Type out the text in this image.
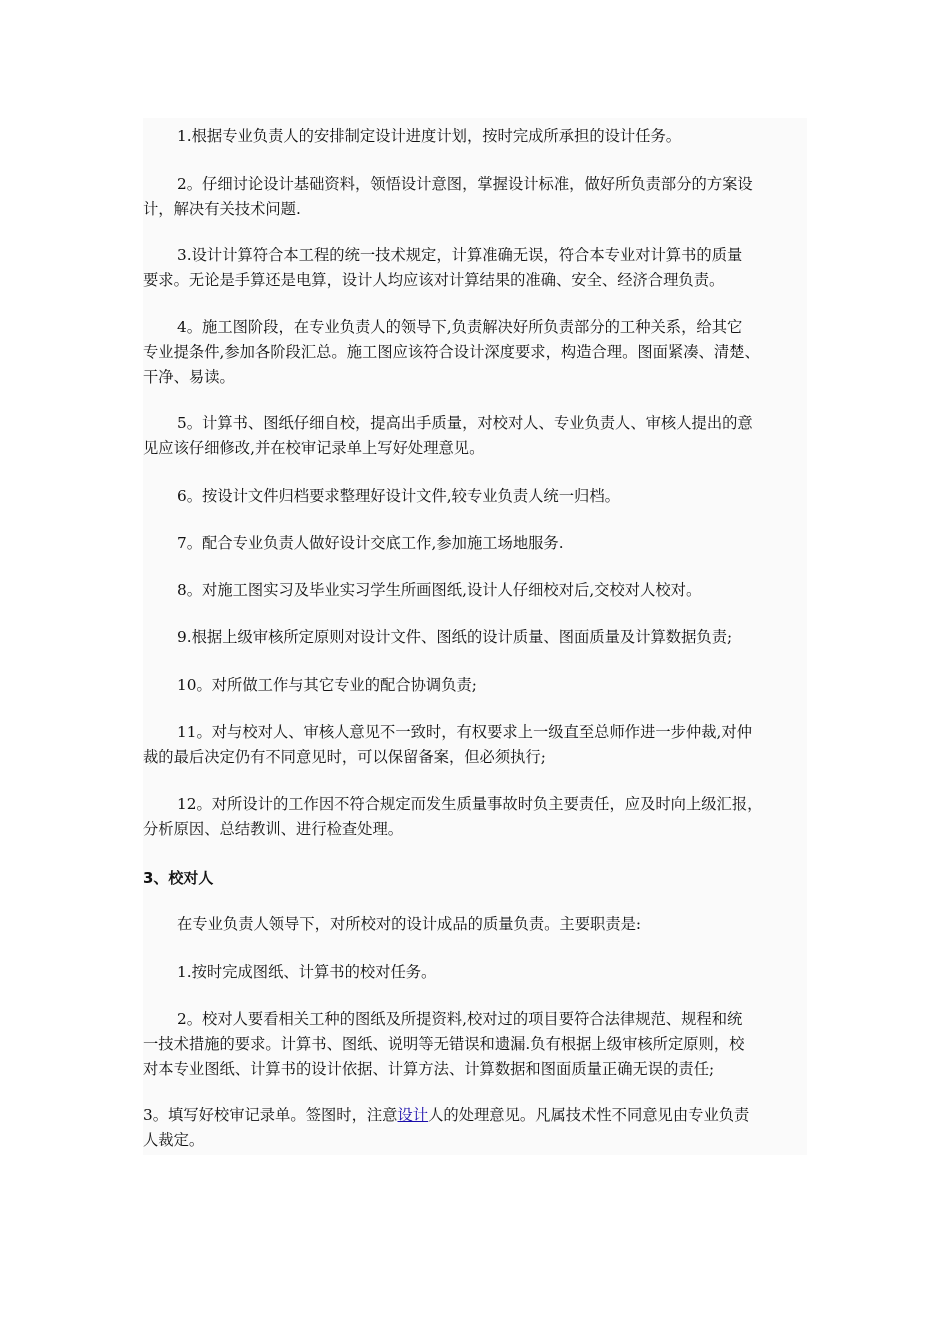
1.根据专业负责人的安排制定设计进度计划，按时完成所承担的设计任务。

2。仔细讨论设计基础资料，领悟设计意图，掌握设计标准，做好所负责部分的方案设
计，解决有关技术问题.

3.设计计算符合本工程的统一技术规定，计算准确无误，符合本专业对计算书的质量
要求。无论是手算还是电算，设计人均应该对计算结果的准确、安全、经济合理负责。

4。施工图阶段，在专业负责人的领导下,负责解决好所负责部分的工种关系，给其它
专业提条件,参加各阶段汇总。施工图应该符合设计深度要求，构造合理。图面紧凑、清楚、
干净、易读。

5。计算书、图纸仔细自校，提高出手质量，对校对人、专业负责人、审核人提出的意
见应该仔细修改,并在校审记录单上写好处理意见。

6。按设计文件归档要求整理好设计文件,较专业负责人统一归档。

7。配合专业负责人做好设计交底工作,参加施工场地服务.

8。对施工图实习及毕业实习学生所画图纸,设计人仔细校对后,交校对人校对。

9.根据上级审核所定原则对设计文件、图纸的设计质量、图面质量及计算数据负责;

10。对所做工作与其它专业的配合协调负责;

11。对与校对人、审核人意见不一致时，有权要求上一级直至总师作进一步仲裁,对仲
裁的最后决定仍有不同意见时，可以保留备案，但必须执行;

12。对所设计的工作因不符合规定而发生质量事故时负主要责任，应及时向上级汇报，
分析原因、总结教训、进行检查处理。

3、校对人

在专业负责人领导下，对所校对的设计成品的质量负责。主要职责是:

1.按时完成图纸、计算书的校对任务。

2。校对人要看相关工种的图纸及所提资料,校对过的项目要符合法律规范、规程和统
一技术措施的要求。计算书、图纸、说明等无错误和遗漏.负有根据上级审核所定原则，校
对本专业图纸、计算书的设计依据、计算方法、计算数据和图面质量正确无误的责任;

3。填写好校审记录单。签图时，注意设计人的处理意见。凡属技术性不同意见由专业负责
人裁定。
